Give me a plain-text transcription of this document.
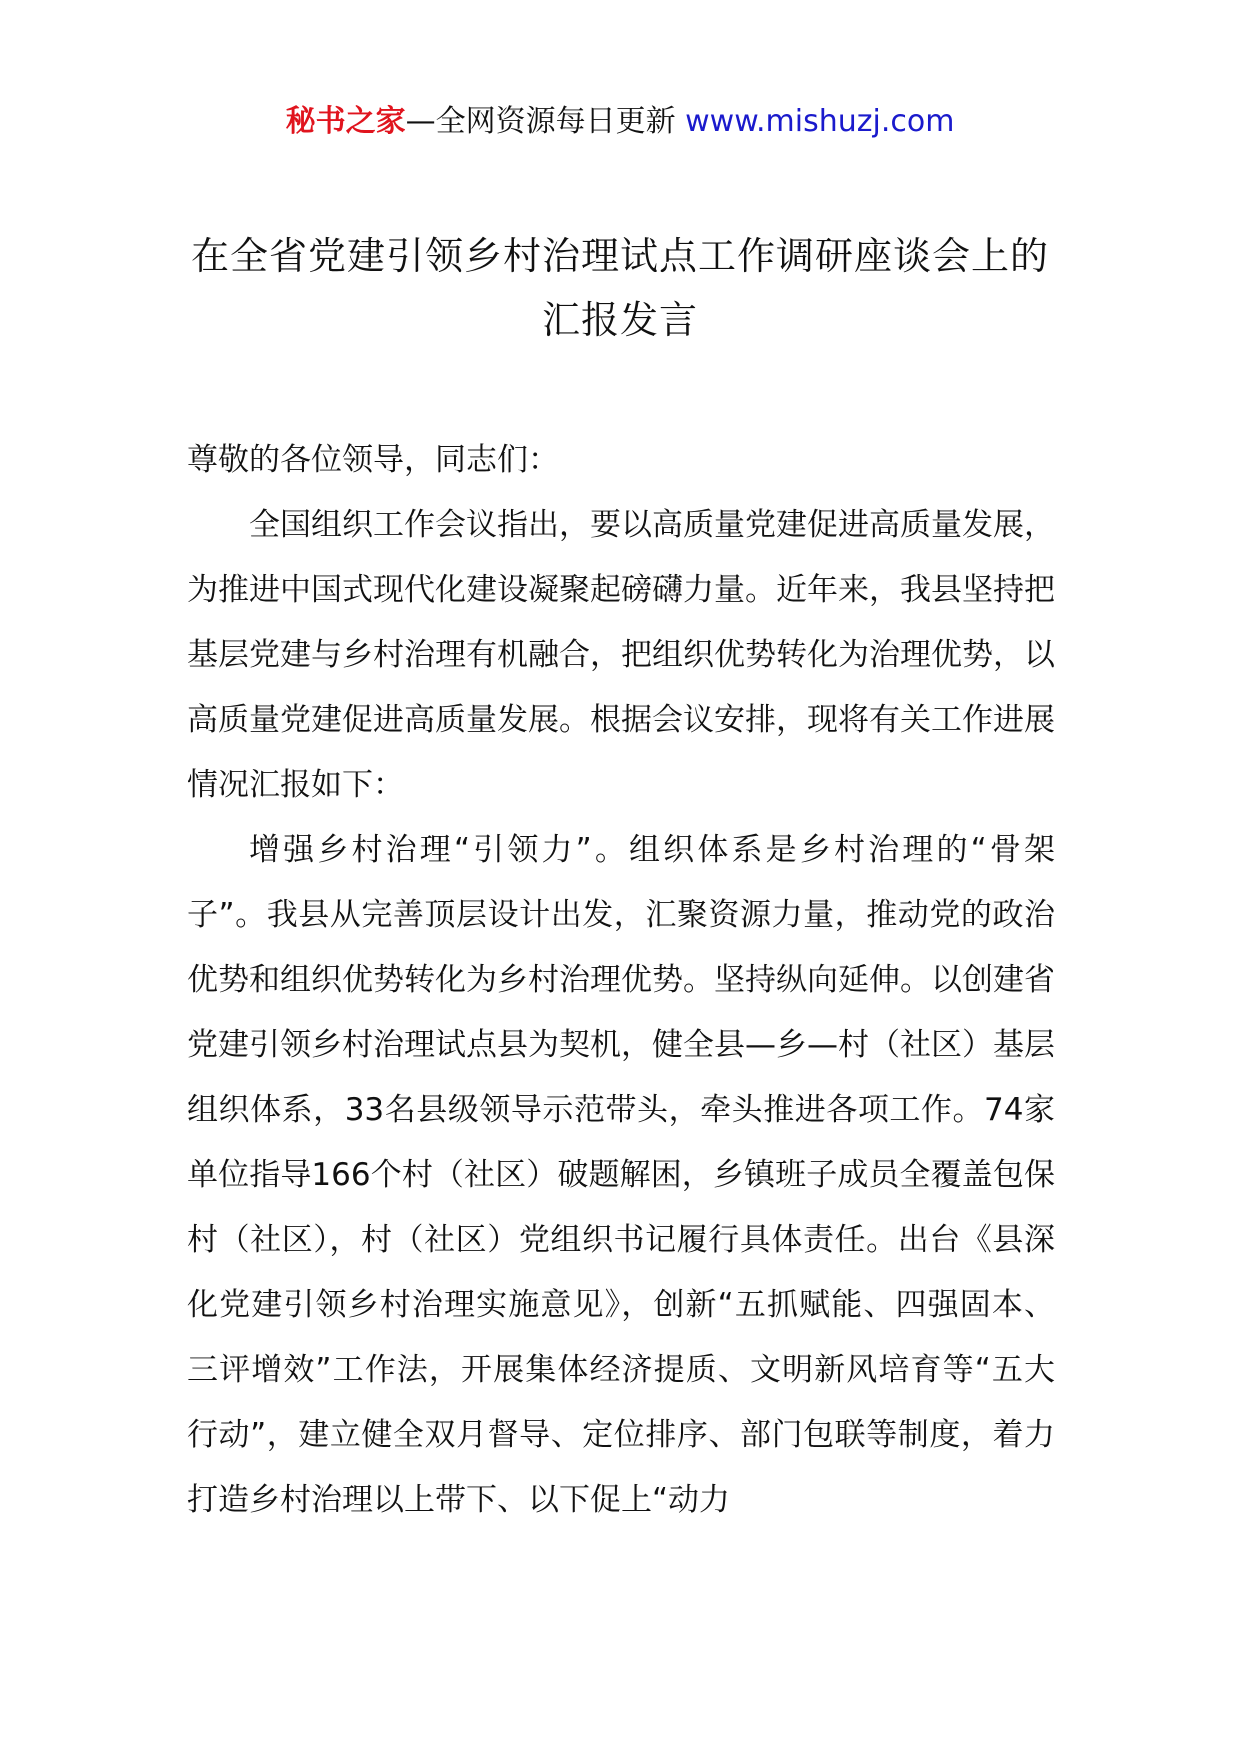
秘书之家—全网资源每日更新 www.mishuzj.com
在全省党建引领乡村治理试点工作调研座谈会上的汇报发言

尊敬的各位领导，同志们：

全国组织工作会议指出，要以高质量党建促进高质量发展，为推进中国式现代化建设凝聚起磅礴力量。近年来，我县坚持把基层党建与乡村治理有机融合，把组织优势转化为治理优势，以高质量党建促进高质量发展。根据会议安排，现将有关工作进展情况汇报如下：

增强乡村治理“引领力”。组织体系是乡村治理的“骨架子”。我县从完善顶层设计出发，汇聚资源力量，推动党的政治优势和组织优势转化为乡村治理优势。坚持纵向延伸。以创建省党建引领乡村治理试点县为契机，健全县—乡—村（社区）基层组织体系，33名县级领导示范带头，牵头推进各项工作。74家单位指导166个村（社区）破题解困，乡镇班子成员全覆盖包保村（社区），村（社区）党组织书记履行具体责任。出台《县深化党建引领乡村治理实施意见》，创新“五抓赋能、四强固本、三评增效”工作法，开展集体经济提质、文明新风培育等“五大行动”，建立健全双月督导、定位排序、部门包联等制度，着力打造乡村治理以上带下、以下促上“动力
